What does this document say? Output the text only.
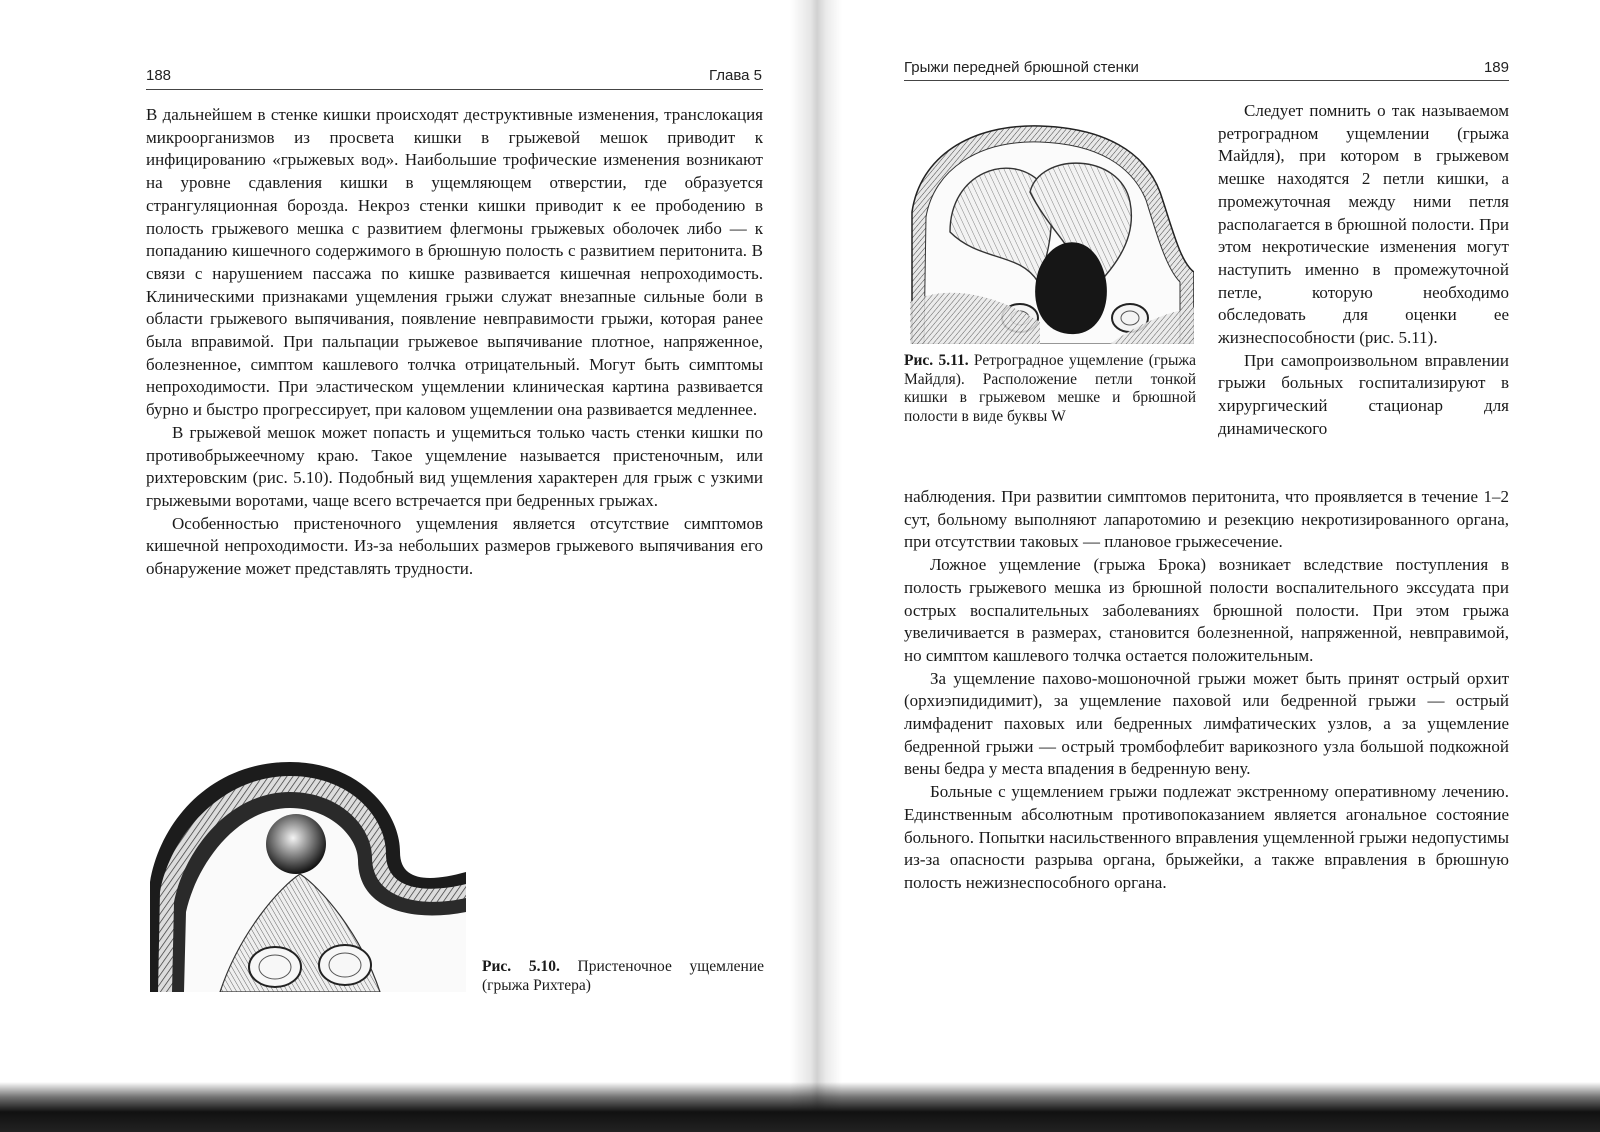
188	Глава 5

В дальнейшем в стенке кишки происходят деструктивные изменения, транслокация микроорганизмов из просвета кишки в грыжевой мешок приводит к инфицированию «грыжевых вод». Наибольшие трофические изменения возникают на уровне сдавления кишки в ущемляющем отверстии, где образуется странгуляционная борозда. Некроз стенки кишки приводит к ее прободению в полость грыжевого мешка с развитием флегмоны грыжевых оболочек либо — к попаданию кишечного содержимого в брюшную полость с развитием перитонита. В связи с нарушением пассажа по кишке развивается кишечная непроходимость. Клиническими признаками ущемления грыжи служат внезапные сильные боли в области грыжевого выпячивания, появление невправимости грыжи, которая ранее была вправимой. При пальпации грыжевое выпячивание плотное, напряженное, болезненное, симптом кашлевого толчка отрицательный. Могут быть симптомы непроходимости. При эластическом ущемлении клиническая картина развивается бурно и быстро прогрессирует, при каловом ущемлении она развивается медленнее.

В грыжевой мешок может попасть и ущемиться только часть стенки кишки по противобрыжеечному краю. Такое ущемление называется пристеночным, или рихтеровским (рис. 5.10). Подобный вид ущемления характерен для грыж с узкими грыжевыми воротами, чаще всего встречается при бедренных грыжах.

Особенностью пристеночного ущемления является отсутствие симптомов кишечной непроходимости. Из-за небольших размеров грыжевого выпячивания его обнаружение может представлять трудности.

Рис. 5.10. Пристеночное ущемление (грыжа Рихтера)
Грыжи передней брюшной стенки	189
Рис. 5.11. Ретроградное ущемление (грыжа Майдля). Расположение петли тонкой кишки в грыжевом мешке и брюшной полости в виде буквы W

Следует помнить о так называемом ретроградном ущемлении (грыжа Майдля), при котором в грыжевом мешке находятся 2 петли кишки, а промежуточная между ними петля располагается в брюшной полости. При этом некротические изменения могут наступить именно в промежуточной петле, которую необходимо обследовать для оценки ее жизнеспособности (рис. 5.11).

При самопроизвольном вправлении грыжи больных госпитализируют в хирургический стационар для динамического

наблюдения. При развитии симптомов перитонита, что проявляется в течение 1–2 сут, больному выполняют лапаротомию и резекцию некротизированного органа, при отсутствии таковых — плановое грыжесечение.

Ложное ущемление (грыжа Брока) возникает вследствие поступления в полость грыжевого мешка из брюшной полости воспалительного экссудата при острых воспалительных заболеваниях брюшной полости. При этом грыжа увеличивается в размерах, становится болезненной, напряженной, невправимой, но симптом кашлевого толчка остается положительным.

За ущемление пахово-мошоночной грыжи может быть принят острый орхит (орхиэпидидимит), за ущемление паховой или бедренной грыжи — острый лимфаденит паховых или бедренных лимфатических узлов, а за ущемление бедренной грыжи — острый тромбофлебит варикозного узла большой подкожной вены бедра у места впадения в бедренную вену.

Больные с ущемлением грыжи подлежат экстренному оперативному лечению. Единственным абсолютным противопоказанием является агональное состояние больного. Попытки насильственного вправления ущемленной грыжи недопустимы из-за опасности разрыва органа, брыжейки, а также вправления в брюшную полость нежизнеспособного органа.
